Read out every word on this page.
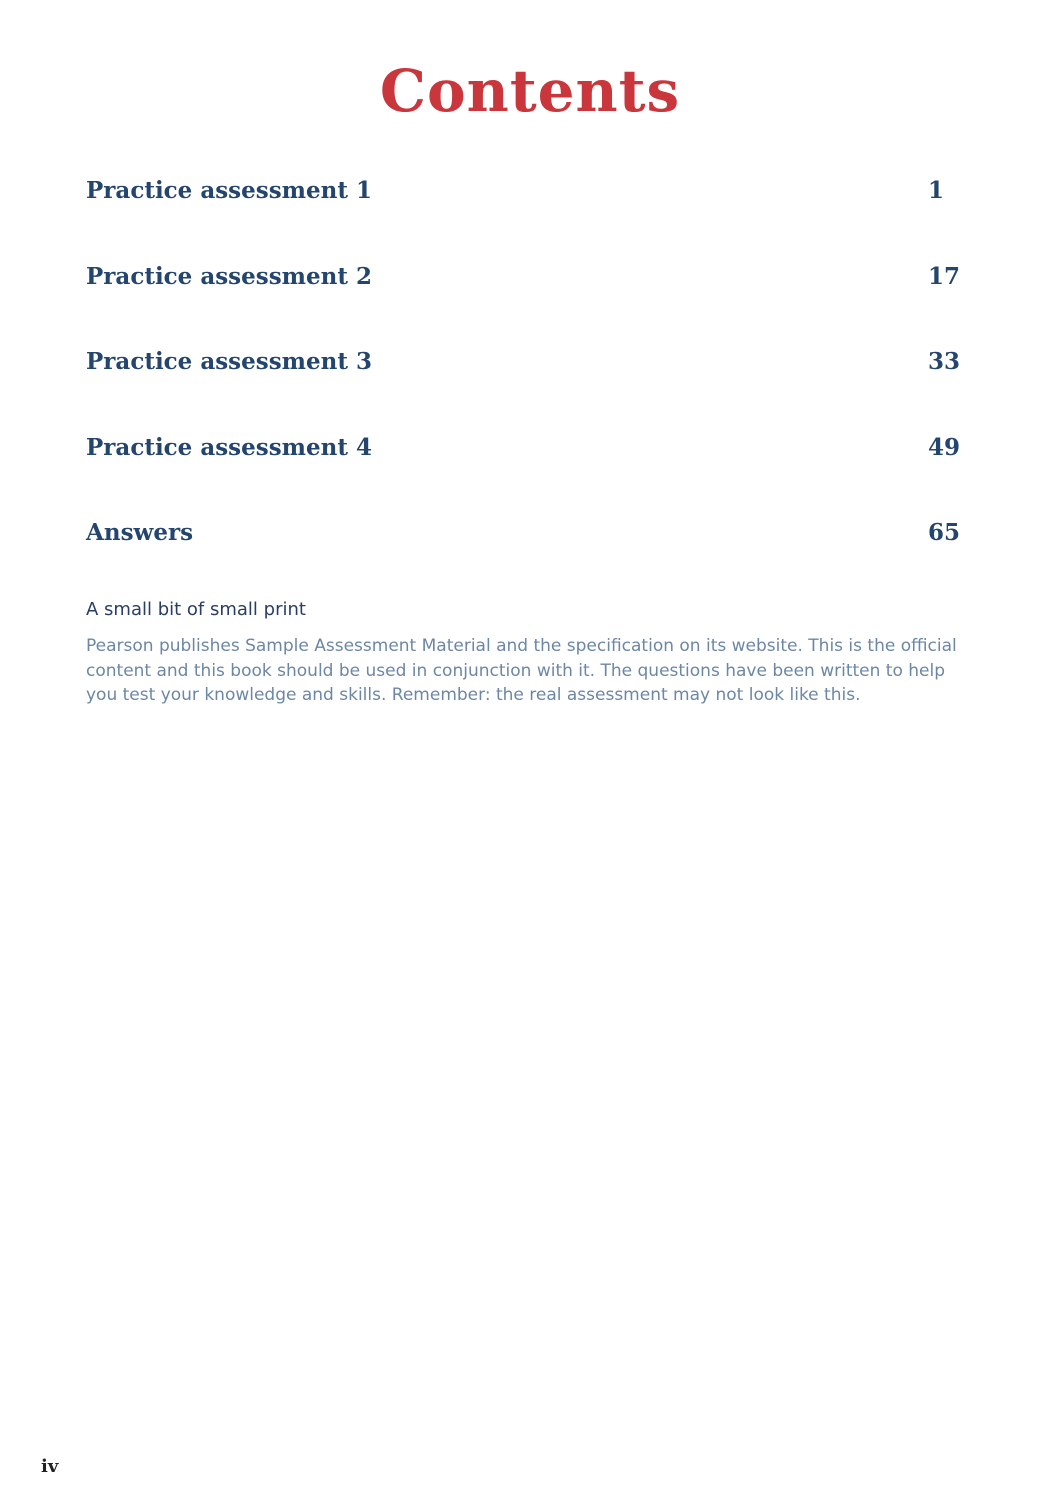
Contents
Practice assessment 1	1
Practice assessment 2	17
Practice assessment 3	33
Practice assessment 4	49
Answers	65
A small bit of small print

Pearson publishes Sample Assessment Material and the specification on its website. This is the official content and this book should be used in conjunction with it. The questions have been written to help you test your knowledge and skills. Remember: the real assessment may not look like this.

iv
